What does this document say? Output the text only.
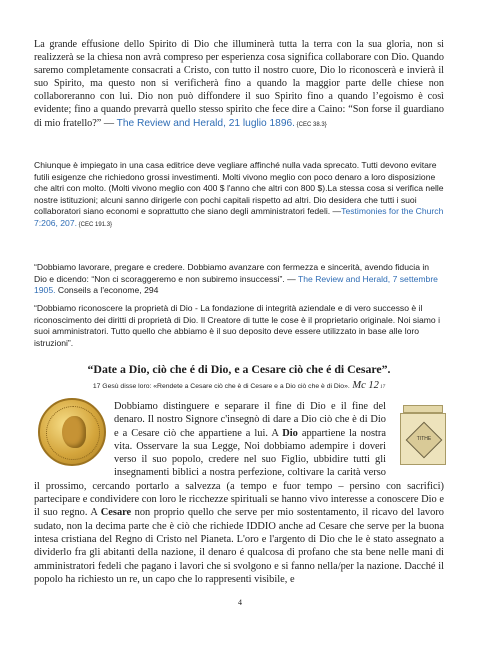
La grande effusione dello Spirito di Dio che illuminerà tutta la terra con la sua gloria, non si realizzerà se la chiesa non avrà compreso per esperienza cosa significa collaborare con Dio. Quando saremo completamente consacrati a Cristo, con tutto il nostro cuore, Dio lo riconoscerà e invierà il suo Spirito, ma questo non si verificherà fino a quando la maggior parte delle chiese non collaboreranno con lui. Dio non può diffondere il suo Spirito fino a quando l’egoismo è così evidente; fino a quando prevarrà quello stesso spirito che fece dire a Caino: “Son forse il guardiano di mio fratello?” — The Review and Herald, 21 luglio 1896. {CEC 38.3}

Chiunque è impiegato in una casa editrice deve vegliare affinché nulla vada sprecato. Tutti devono evitare futili esigenze che richiedono grossi investimenti. Molti vivono meglio con poco denaro a loro disposizione che altri con molto. (Molti vivono meglio con 400 $ l'anno che altri con 800 $).La stessa cosa si verifica nelle nostre istituzioni; alcuni sanno dirigerle con pochi capitali rispetto ad altri. Dio desidera che tutti i suoi collaboratori siano economi e soprattutto che siano degli amministratori fedeli. —Testimonies for the Church 7:206, 207. {CEC 191.3}

“Dobbiamo lavorare, pregare e credere. Dobbiamo avanzare con fermezza e sincerità, avendo fiducia in Dio e dicendo: “Non ci scoraggeremo e non subiremo insuccessi”. — The Review and Herald, 7 settembre 1905. Conseils a l'econome, 294

“Dobbiamo riconoscere la proprietà di Dio - La fondazione di integrità aziendale e di vero successo è il riconoscimento dei diritti di proprietà di Dio. Il Creatore di tutte le cose è il proprietario originale. Noi siamo i suoi amministratori. Tutto quello che abbiamo è il suo deposito deve essere utilizzato in base alle loro istruzioni”.

“Date a Dio, ciò che é di Dio, e a Cesare ciò che é di Cesare”.
17 Gesù disse loro: «Rendete a Cesare ciò che è di Cesare e a Dio ciò che è di Dio». Mc 12 17
TITHE
Dobbiamo distinguere e separare il fine di Dio e il fine del denaro. Il nostro Signore c'insegnò di dare a Dio ciò che è di Dio e a Cesare ciò che appartiene a lui. A Dio appartiene la nostra vita. Osservare la sua Legge, Noi dobbiamo adempire i doveri verso il suo popolo, credere nel suo Figlio, ubbidire tutti gli insegnamenti biblici a nostra perfezione, coltivare la carità verso il prossimo, cercando portarlo a salvezza (a tempo e fuor tempo – persino con sacrifici) partecipare e condividere con loro le ricchezze spirituali se hanno vivo interesse a conoscere Dio e il suo regno. A Cesare non proprio quello che serve per mio sostentamento, il ricavo del lavoro sudato, non la decima parte che è ciò che richiede IDDIO anche ad Cesare che serve per la buona intesa cristiana del Regno di Cristo nel Pianeta. L'oro e l'argento di Dio che le è stato assegnato a dividerlo fra gli abitanti della nazione, il denaro é qualcosa di profano che sta bene nelle mani di amministratori fedeli che pagano i lavori che si svolgono e si fanno nella/per la nazione. Dacché il popolo ha richiesto un re, un capo che lo rappresenti visibile, e
4
